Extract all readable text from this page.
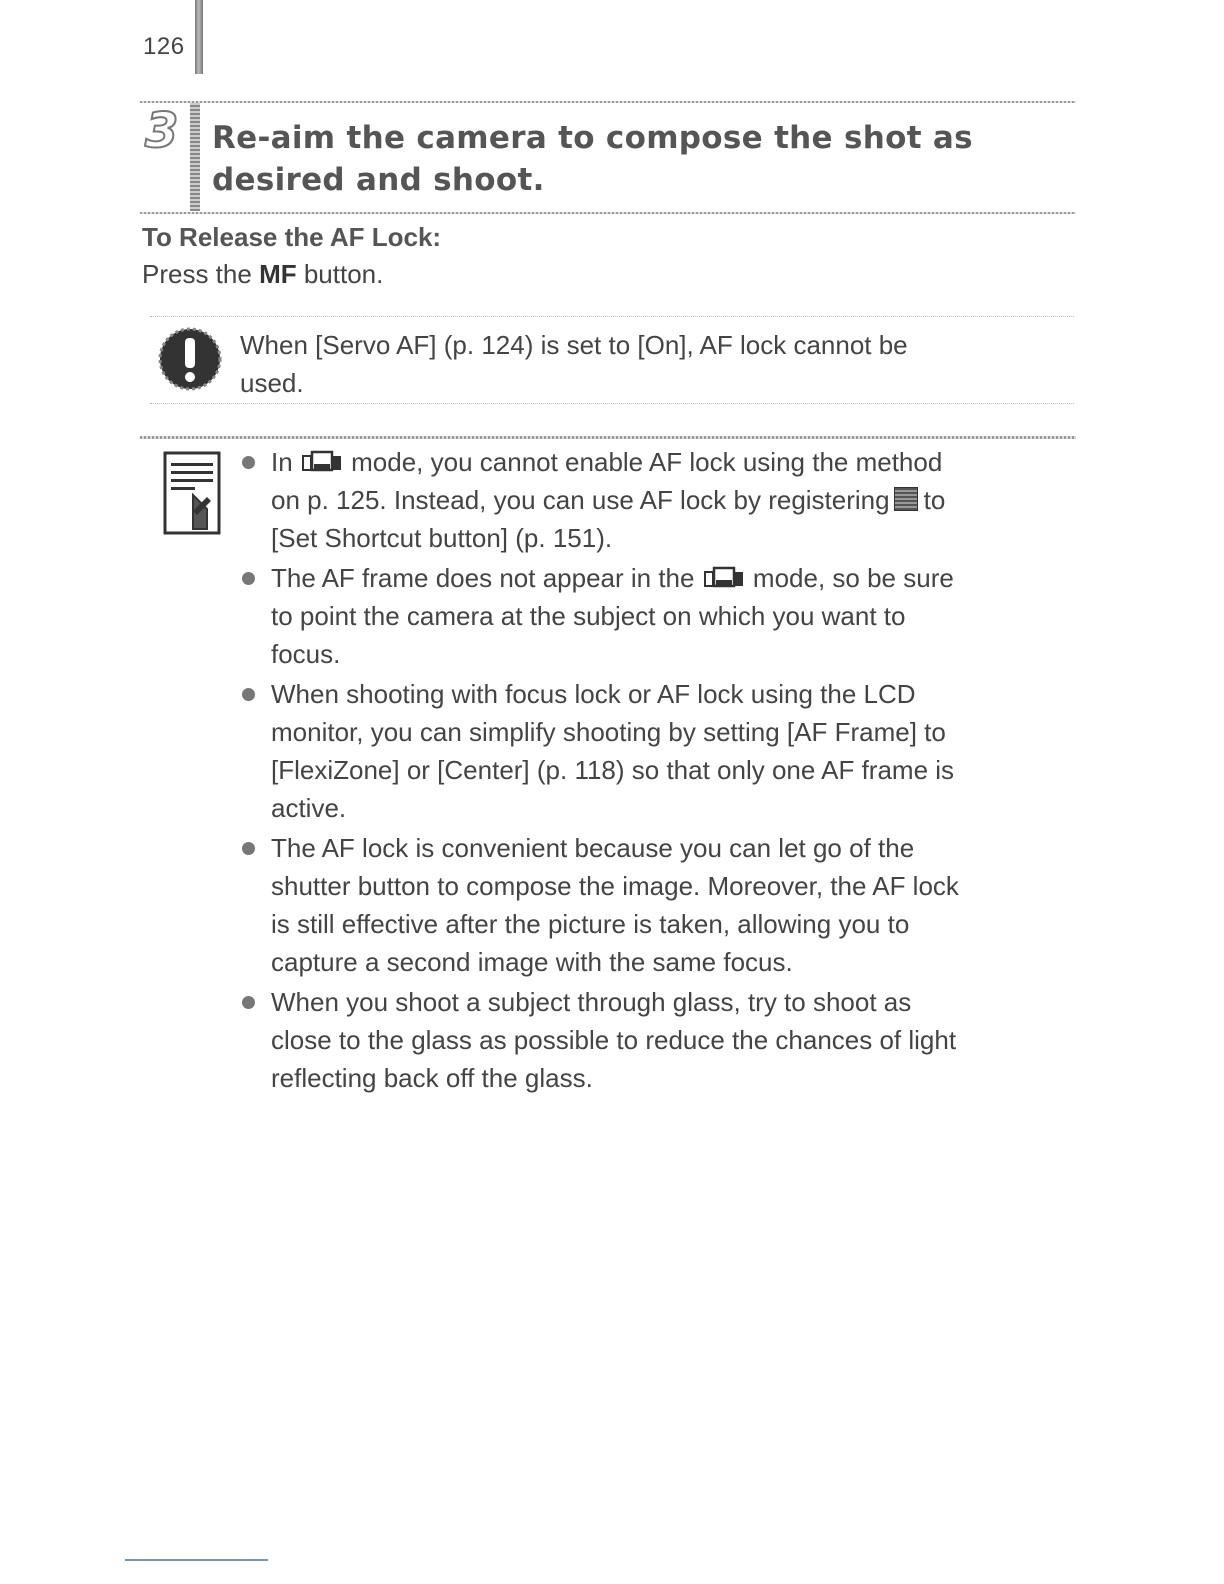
126
3 Re-aim the camera to compose the shot as
desired and shoot.
To Release the AF Lock:
Press the MF button.
When [Servo AF] (p. 124) is set to [On], AF lock cannot be
used.
In  mode, you cannot enable AF lock using the method
on p. 125. Instead, you can use AF lock by registering to
[Set Shortcut button] (p. 151).
The AF frame does not appear in the  mode, so be sure
to point the camera at the subject on which you want to
focus.
When shooting with focus lock or AF lock using the LCD
monitor, you can simplify shooting by setting [AF Frame] to
[FlexiZone] or [Center] (p. 118) so that only one AF frame is
active.
The AF lock is convenient because you can let go of the
shutter button to compose the image. Moreover, the AF lock
is still effective after the picture is taken, allowing you to
capture a second image with the same focus.
When you shoot a subject through glass, try to shoot as
close to the glass as possible to reduce the chances of light
reflecting back off the glass.
